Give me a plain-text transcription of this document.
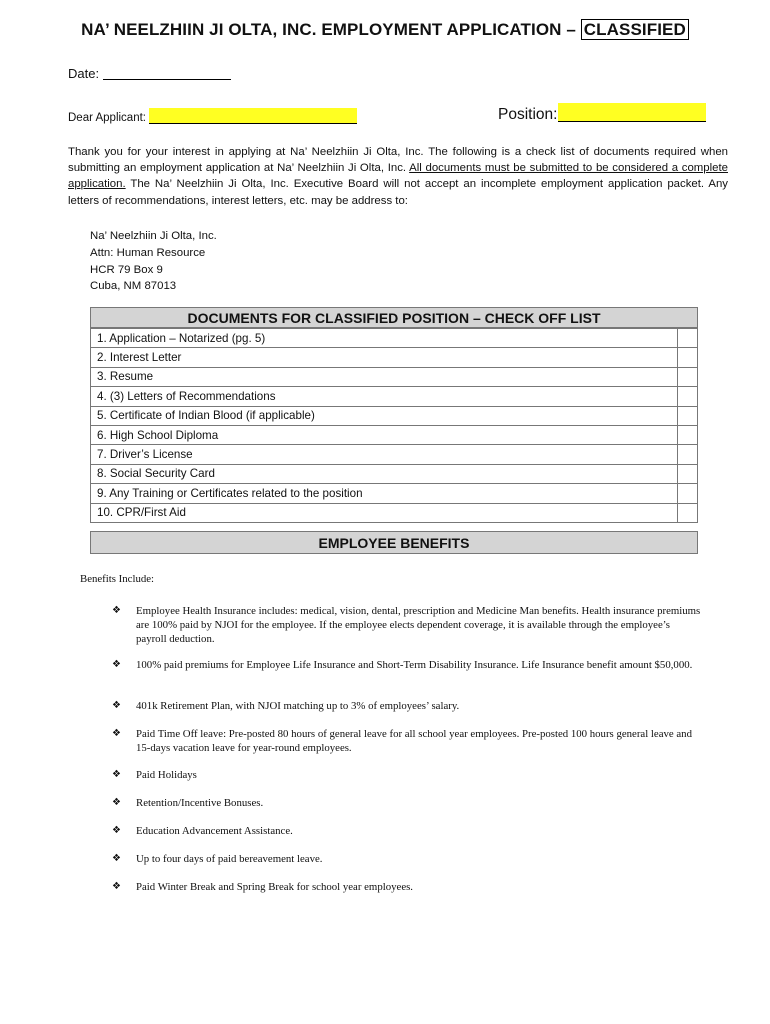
NA’ NEELZHIIN JI OLTA, INC. EMPLOYMENT APPLICATION – CLASSIFIED
Date:
Dear Applicant:	Position:
Thank you for your interest in applying at Na’ Neelzhiin Ji Olta, Inc. The following is a check list of documents required when submitting an employment application at Na’ Neelzhiin Ji Olta, Inc. All documents must be submitted to be considered a complete application. The Na’ Neelzhiin Ji Olta, Inc. Executive Board will not accept an incomplete employment application packet. Any letters of recommendations, interest letters, etc. may be address to:
Na’ Neelzhiin Ji Olta, Inc.
Attn: Human Resource
HCR 79 Box 9
Cuba, NM 87013
DOCUMENTS FOR CLASSIFIED POSITION – CHECK OFF LIST
1. Application – Notarized (pg. 5)	
2. Interest Letter	
3. Resume	
4. (3) Letters of Recommendations	
5. Certificate of Indian Blood (if applicable)	
6. High School Diploma	
7. Driver’s License	
8. Social Security Card	
9. Any Training or Certificates related to the position	
10. CPR/First Aid	
EMPLOYEE BENEFITS
Benefits Include:
❖ Employee Health Insurance includes: medical, vision, dental, prescription and Medicine Man benefits. Health insurance premiums are 100% paid by NJOI for the employee. If the employee elects dependent coverage, it is available through the employee’s payroll deduction.
❖ 100% paid premiums for Employee Life Insurance and Short-Term Disability Insurance. Life Insurance benefit amount $50,000.
❖ 401k Retirement Plan, with NJOI matching up to 3% of employees’ salary.
❖ Paid Time Off leave: Pre-posted 80 hours of general leave for all school year employees. Pre-posted 100 hours general leave and 15-days vacation leave for year-round employees.
❖ Paid Holidays
❖ Retention/Incentive Bonuses.
❖ Education Advancement Assistance.
❖ Up to four days of paid bereavement leave.
❖ Paid Winter Break and Spring Break for school year employees.
